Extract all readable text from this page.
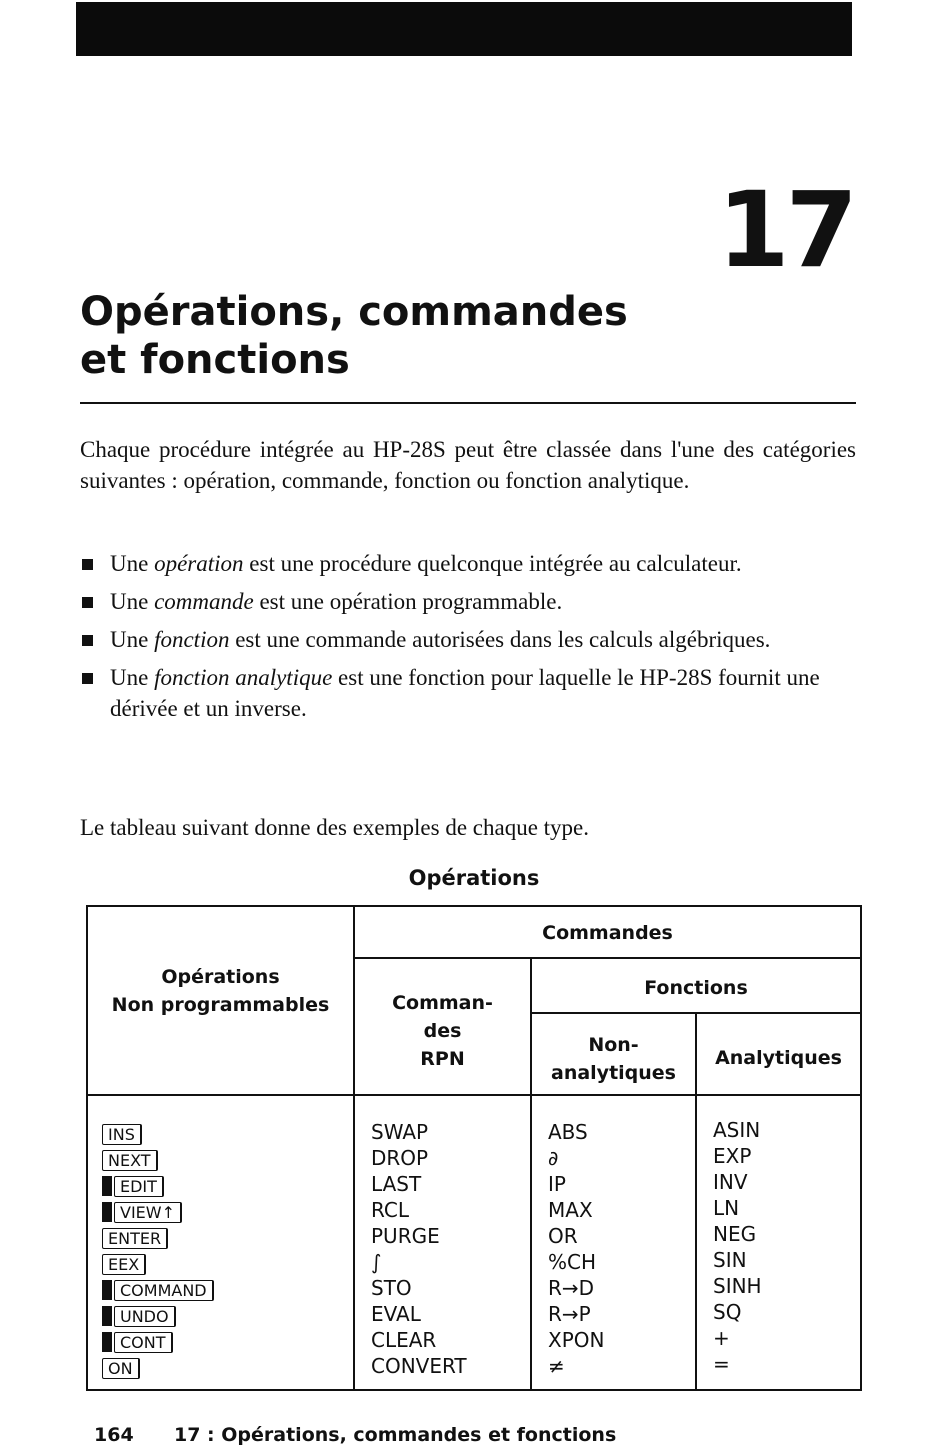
17
Opérations, commandes
et fonctions

Chaque procédure intégrée au HP-28S peut être classée dans l'une des catégories suivantes : opération, commande, fonction ou fonction analytique.

Une opération est une procédure quelconque intégrée au calculateur.
Une commande est une opération programmable.
Une fonction est une commande autorisées dans les calculs algébriques.
Une fonction analytique est une fonction pour laquelle le HP-28S fournit une dérivée et un inverse.

Le tableau suivant donne des exemples de chaque type.

Opérations

Opérations
Non programmables
Commandes
Comman-
des
RPN
Fonctions
Non-
analytiques
Analytiques
INS
NEXT
EDIT
VIEW↑
ENTER
EEX
COMMAND
UNDO
CONT
ON
SWAP
DROP
LAST
RCL
PURGE
∫
STO
EVAL
CLEAR
CONVERT
ABS
∂
IP
MAX
OR
%CH
R→D
R→P
XPON
≠
ASIN
EXP
INV
LN
NEG
SIN
SINH
SQ
+
=
164 17 : Opérations, commandes et fonctions
